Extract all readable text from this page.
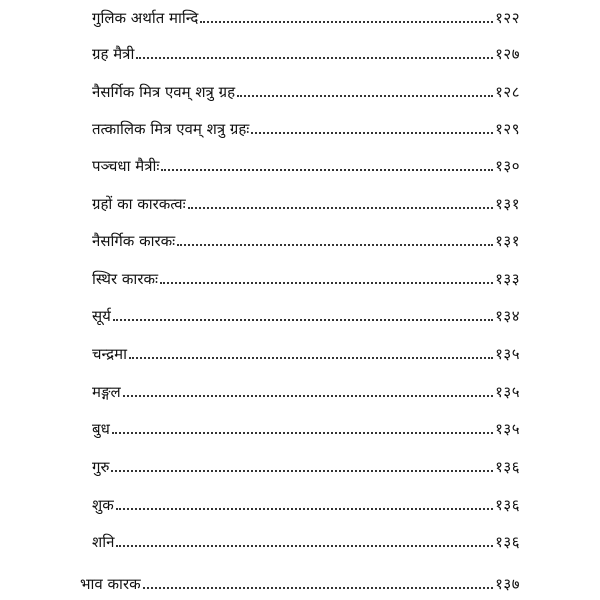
गुलिक अर्थात मान्दि	१२२
ग्रह मैत्री	१२७
नैसर्गिक मित्र एवम् शत्रु ग्रह	१२८
तत्कालिक मित्र एवम् शत्रु ग्रहः	१२९
पञ्चधा मैत्रीः	१३०
ग्रहों का कारकत्वः	१३१
नैसर्गिक कारकः	१३१
स्थिर कारकः	१३३
सूर्य	१३४
चन्द्रमा	१३५
मङ्गल	१३५
बुध	१३५
गुरु	१३६
शुक	१३६
शनि	१३६
भाव कारक	१३७
